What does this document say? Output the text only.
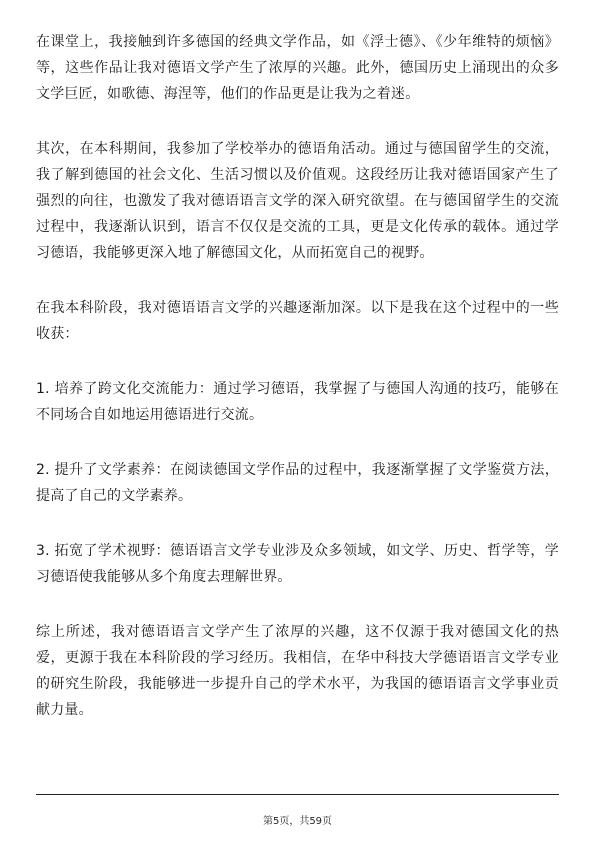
在课堂上，我接触到许多德国的经典文学作品，如《浮士德》、《少年维特的烦恼》等，这些作品让我对德语文学产生了浓厚的兴趣。此外，德国历史上涌现出的众多文学巨匠，如歌德、海涅等，他们的作品更是让我为之着迷。

其次，在本科期间，我参加了学校举办的德语角活动。通过与德国留学生的交流，我了解到德国的社会文化、生活习惯以及价值观。这段经历让我对德语国家产生了强烈的向往，也激发了我对德语语言文学的深入研究欲望。在与德国留学生的交流过程中，我逐渐认识到，语言不仅仅是交流的工具，更是文化传承的载体。通过学习德语，我能够更深入地了解德国文化，从而拓宽自己的视野。

在我本科阶段，我对德语语言文学的兴趣逐渐加深。以下是我在这个过程中的一些收获：

1. 培养了跨文化交流能力：通过学习德语，我掌握了与德国人沟通的技巧，能够在不同场合自如地运用德语进行交流。

2. 提升了文学素养：在阅读德国文学作品的过程中，我逐渐掌握了文学鉴赏方法，提高了自己的文学素养。

3. 拓宽了学术视野：德语语言文学专业涉及众多领域，如文学、历史、哲学等，学习德语使我能够从多个角度去理解世界。

综上所述，我对德语语言文学产生了浓厚的兴趣，这不仅源于我对德国文化的热爱，更源于我在本科阶段的学习经历。我相信，在华中科技大学德语语言文学专业的研究生阶段，我能够进一步提升自己的学术水平，为我国的德语语言文学事业贡献力量。

第5页，共59页
